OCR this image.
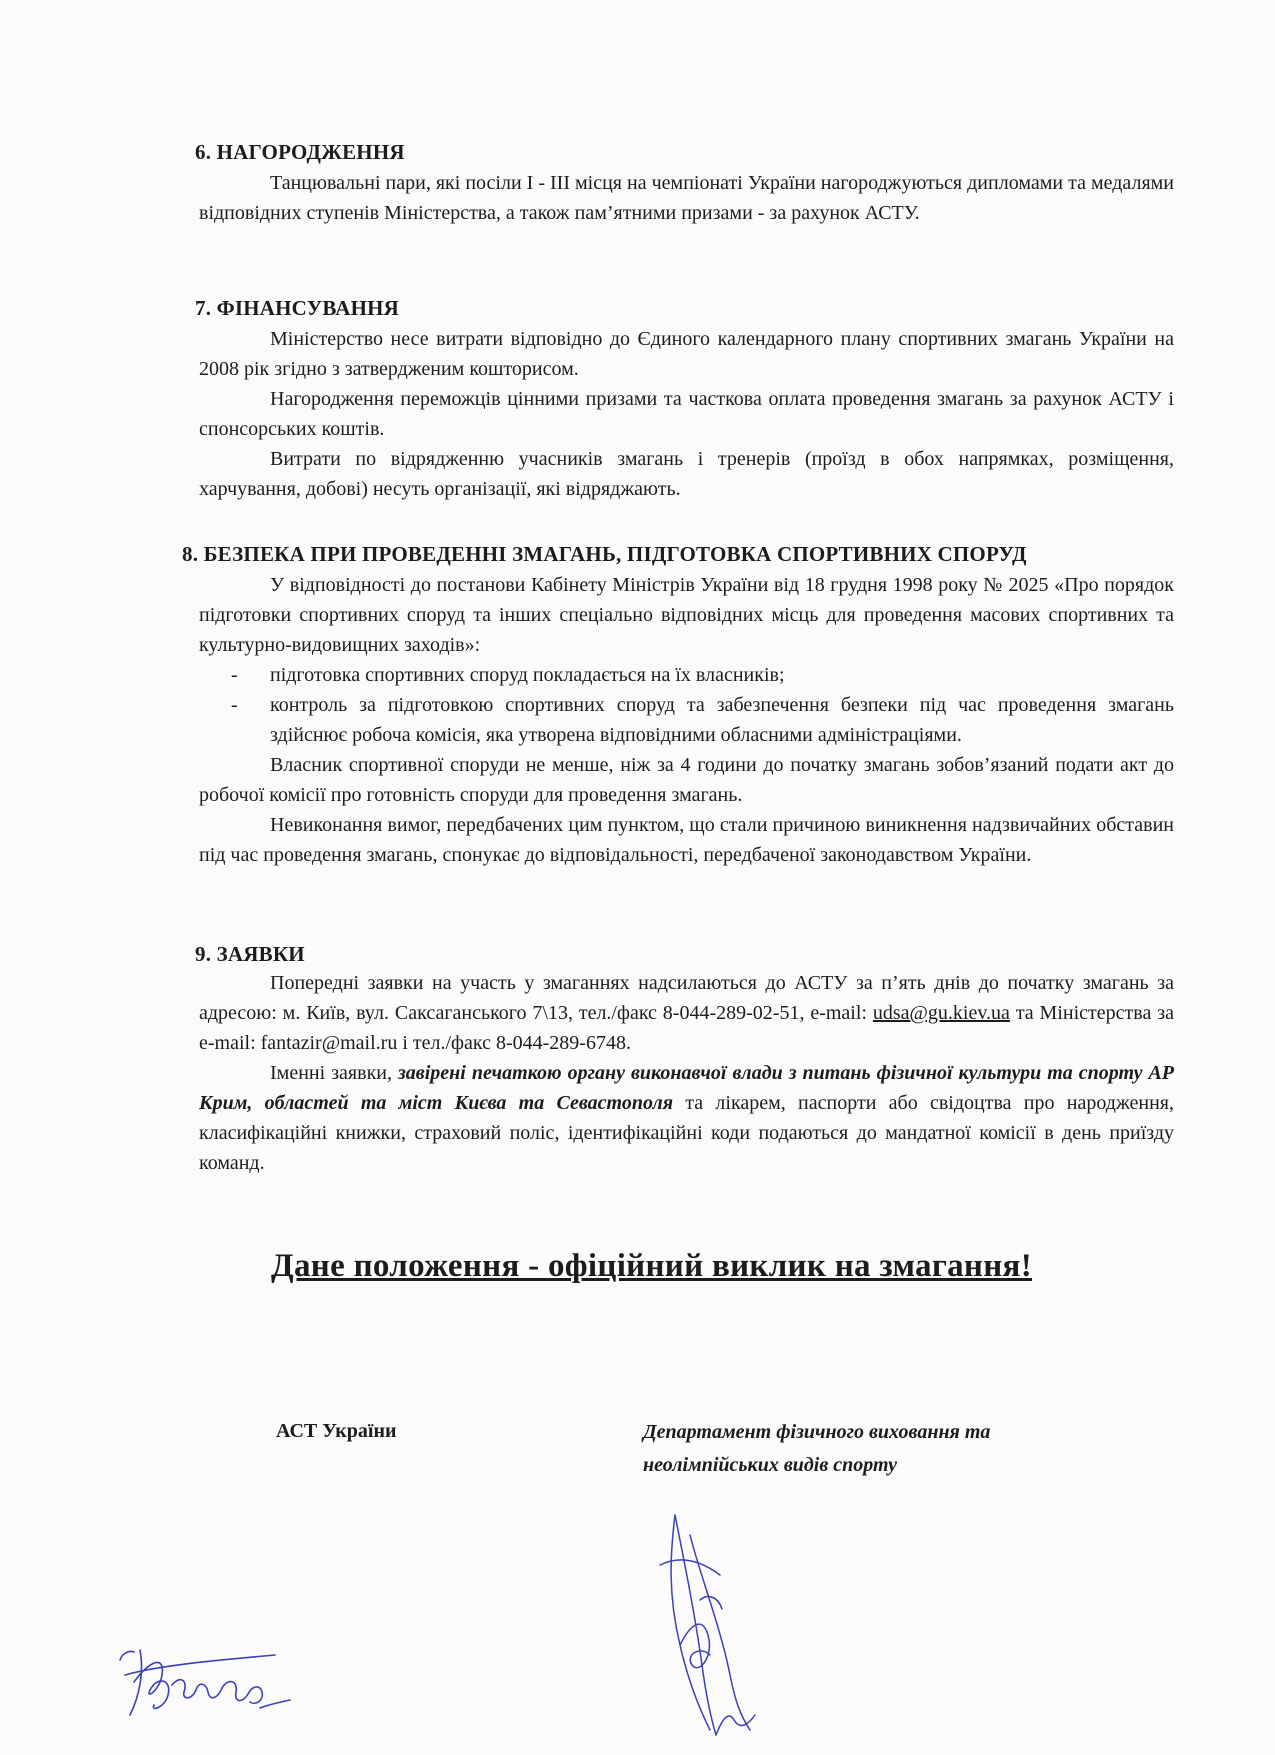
6. НАГОРОДЖЕННЯ

Танцювальні пари, які посіли І - ІІІ місця на чемпіонаті України нагороджуються дипломами та медалями відповідних ступенів Міністерства, а також пам’ятними призами - за рахунок АСТУ.

7. ФІНАНСУВАННЯ

Міністерство несе витрати відповідно до Єдиного календарного плану спортивних змагань України на 2008 рік згідно з затвердженим кошторисом.

Нагородження переможців цінними призами та часткова оплата проведення змагань за рахунок АСТУ і спонсорських коштів.

Витрати по відрядженню учасників змагань і тренерів (проїзд в обох напрямках, розміщення, харчування, добові) несуть організації, які відряджають.

8. БЕЗПЕКА ПРИ ПРОВЕДЕННІ ЗМАГАНЬ, ПІДГОТОВКА СПОРТИВНИХ СПОРУД

У відповідності до постанови Кабінету Міністрів України від 18 грудня 1998 року № 2025 «Про порядок підготовки спортивних споруд та інших спеціально відповідних місць для проведення масових спортивних та культурно-видовищних заходів»:

- підготовка спортивних споруд покладається на їх власників;

- контроль за підготовкою спортивних споруд та забезпечення безпеки під час проведення змагань здійснює робоча комісія, яка утворена відповідними обласними адміністраціями.

Власник спортивної споруди не менше, ніж за 4 години до початку змагань зобов’язаний подати акт до робочої комісії про готовність споруди для проведення змагань.

Невиконання вимог, передбачених цим пунктом, що стали причиною виникнення надзвичайних обставин під час проведення змагань, спонукає до відповідальності, передбаченої законодавством України.

9. ЗАЯВКИ

Попередні заявки на участь у змаганнях надсилаються до АСТУ за п’ять днів до початку змагань за адресою: м. Київ, вул. Саксаганського 7\13, тел./факс 8-044-289-02-51, e-mail: udsa@gu.kiev.ua та Міністерства за e-mail: fantazir@mail.ru і тел./факс 8-044-289-6748.

Іменні заявки, завірені печаткою органу виконавчої влади з питань фізичної культури та спорту АР Крим, областей та міст Києва та Севастополя та лікарем, паспорти або свідоцтва про народження, класифікаційні книжки, страховий поліс, ідентифікаційні коди подаються до мандатної комісії в день приїзду команд.

Дане положення - офіційний виклик на змагання!
АСТ України	Департамент фізичного виховання та
неолімпійських видів спорту
